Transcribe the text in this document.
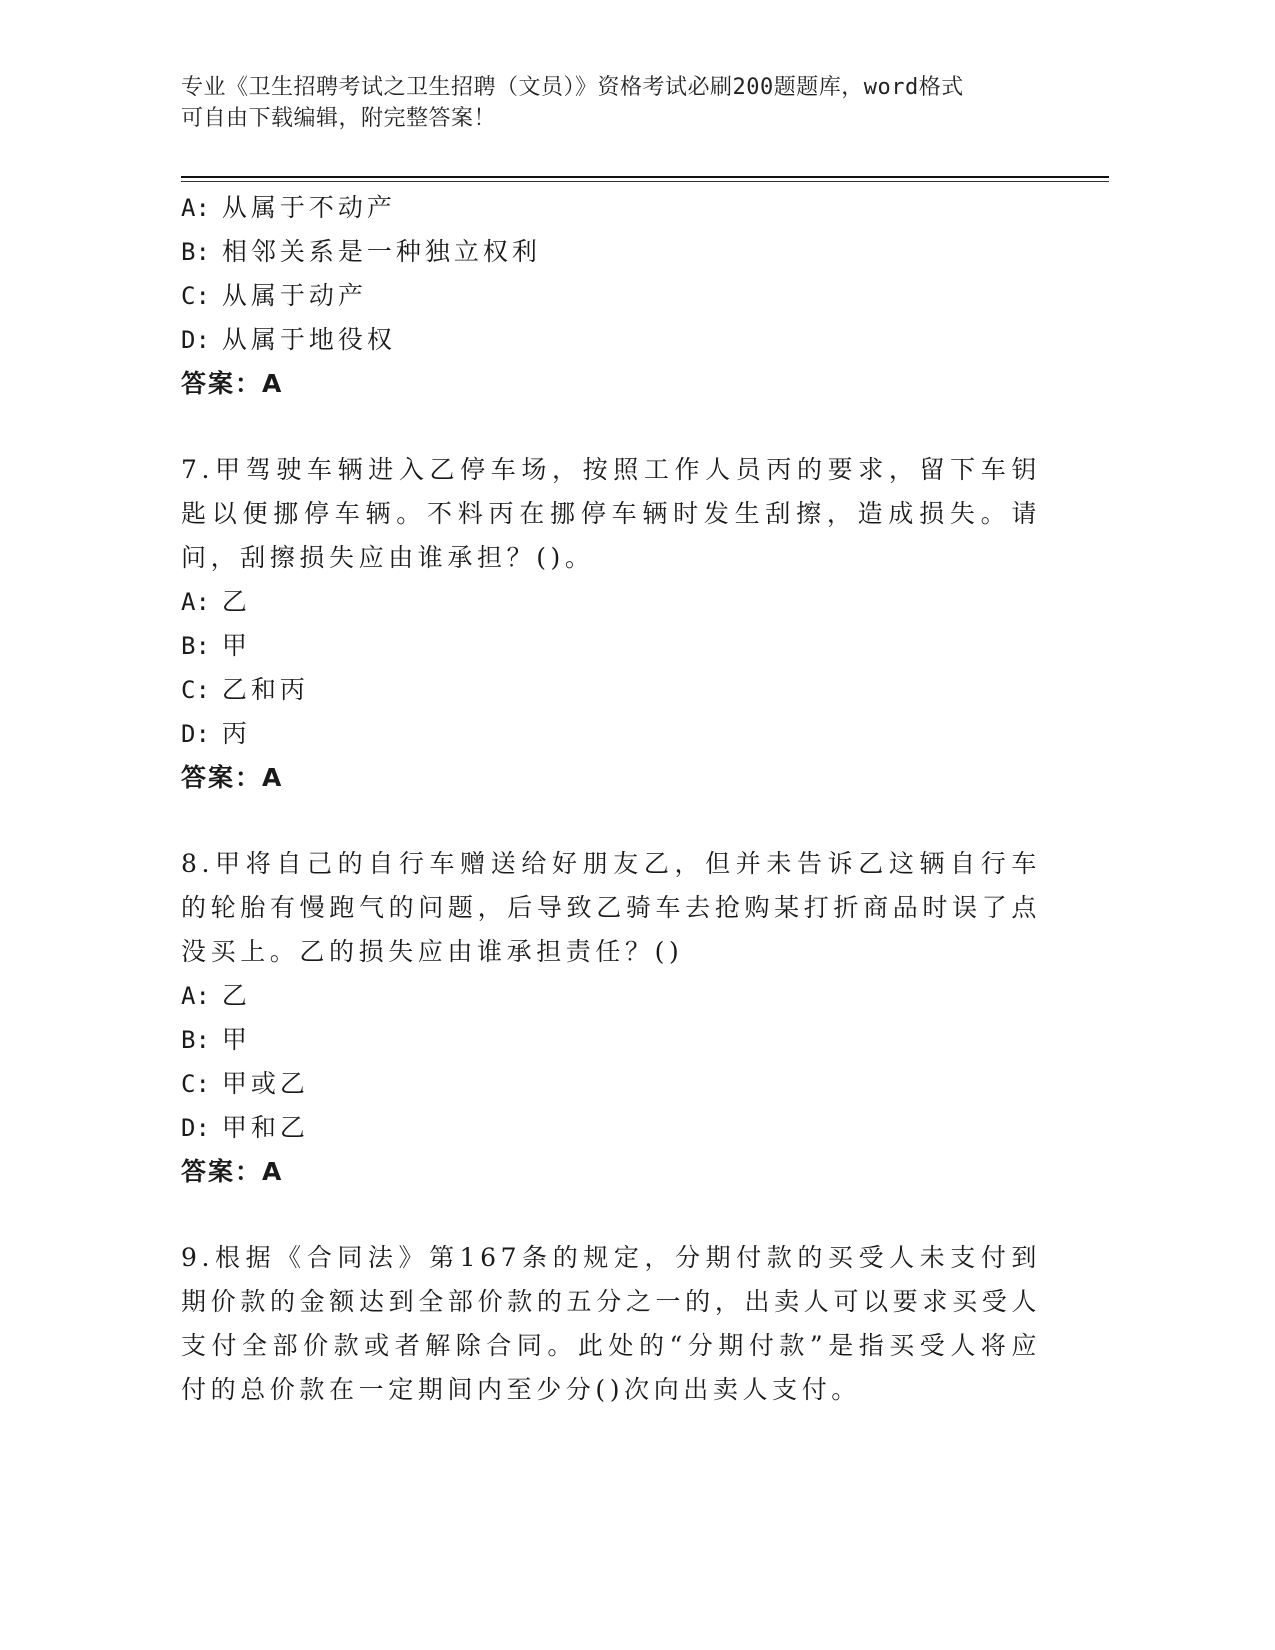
专业《卫生招聘考试之卫生招聘（文员）》资格考试必刷200题题库，word格式
可自由下载编辑，附完整答案！
A: 从属于不动产
B: 相邻关系是一种独立权利
C: 从属于动产
D: 从属于地役权
答案：A
7.甲驾驶车辆进入乙停车场，按照工作人员丙的要求，留下车钥匙以便挪停车辆。不料丙在挪停车辆时发生刮擦，造成损失。请问，刮擦损失应由谁承担？()。
A: 乙
B: 甲
C: 乙和丙
D: 丙
答案：A
8.甲将自己的自行车赠送给好朋友乙，但并未告诉乙这辆自行车的轮胎有慢跑气的问题，后导致乙骑车去抢购某打折商品时误了点没买上。乙的损失应由谁承担责任？()
A: 乙
B: 甲
C: 甲或乙
D: 甲和乙
答案：A
9.根据《合同法》第167条的规定，分期付款的买受人未支付到期价款的金额达到全部价款的五分之一的，出卖人可以要求买受人支付全部价款或者解除合同。此处的“分期付款”是指买受人将应付的总价款在一定期间内至少分()次向出卖人支付。
